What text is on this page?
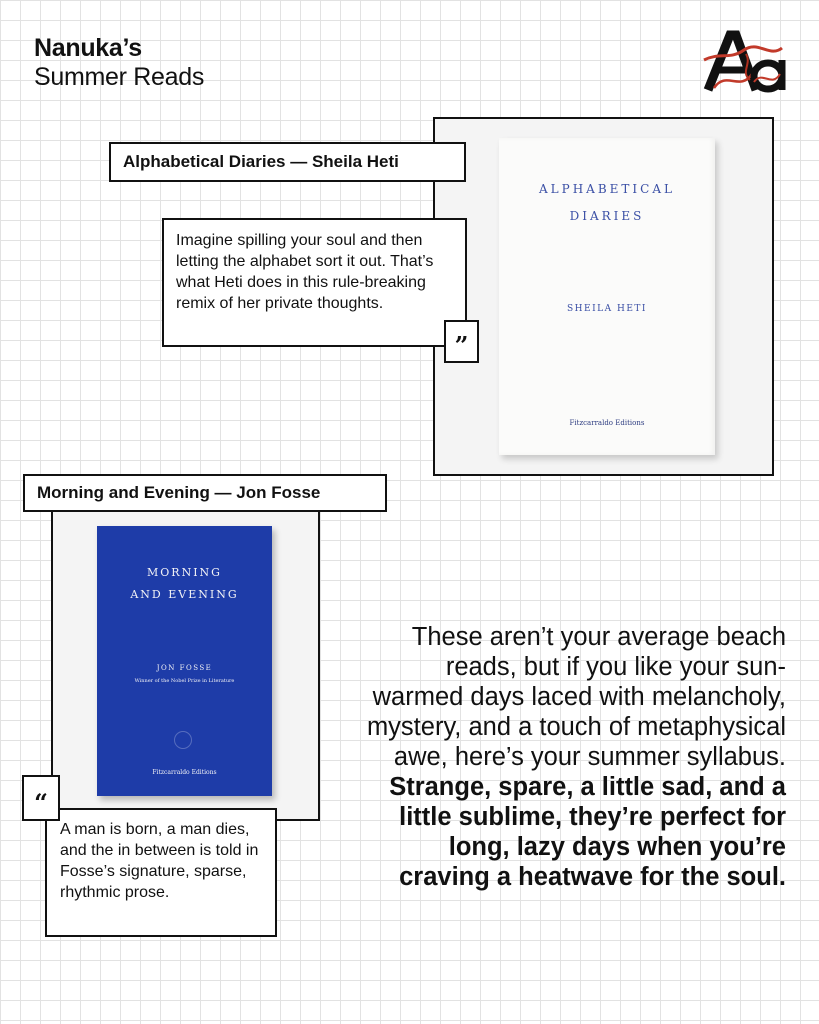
Nanuka’s
Summer Reads
ALPHABETICAL
DIARIES
SHEILA HETI
Fitzcarraldo Editions
Alphabetical Diaries — Sheila Heti
Imagine spilling your soul and then letting the alphabet sort it out. That’s what Heti does in this rule-breaking remix of her private thoughts.
”
MORNING
AND EVENING
JON FOSSE
Winner of the Nobel Prize in Literature
Fitzcarraldo Editions
Morning and Evening — Jon Fosse
A man is born, a man dies, and the in between is told in Fosse’s signature, sparse, rhythmic prose.
“
These aren’t your average beach reads, but if you like your sun-warmed days laced with melancholy, mystery, and a touch of metaphysical awe, here’s your summer syllabus. Strange, spare, a little sad, and a little sublime, they’re perfect for long, lazy days when you’re craving a heatwave for the soul.
